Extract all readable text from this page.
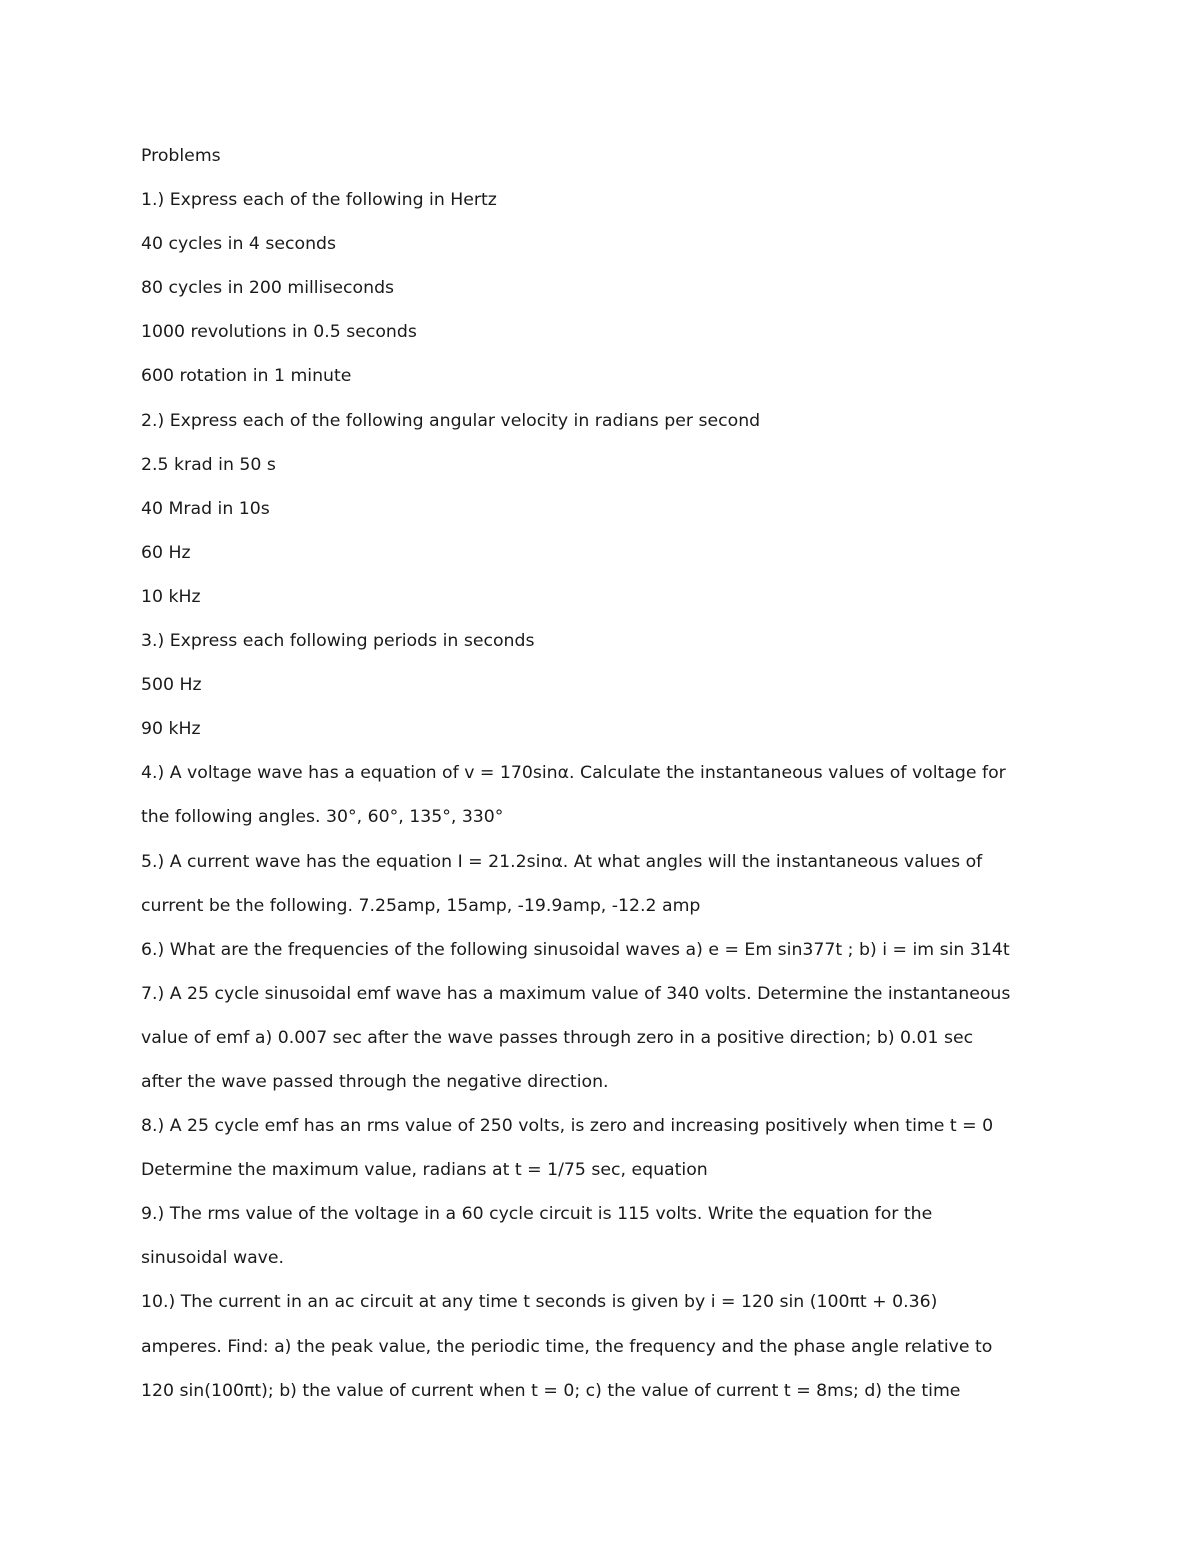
Problems
1.) Express each of the following in Hertz
40 cycles in 4 seconds
80 cycles in 200 milliseconds
1000 revolutions in 0.5 seconds
600 rotation in 1 minute
2.) Express each of the following angular velocity in radians per second
2.5 krad in 50 s
40 Mrad in 10s
60 Hz
10 kHz
3.) Express each following periods in seconds
500 Hz
90 kHz
4.) A voltage wave has a equation of v = 170sinα. Calculate the instantaneous values of voltage for
the following angles. 30°, 60°, 135°, 330°
5.) A current wave has the equation I = 21.2sinα. At what angles will the instantaneous values of
current be the following. 7.25amp, 15amp, -19.9amp, -12.2 amp
6.) What are the frequencies of the following sinusoidal waves a) e = Em sin377t ; b) i = im sin 314t
7.) A 25 cycle sinusoidal emf wave has a maximum value of 340 volts. Determine the instantaneous
value of emf a) 0.007 sec after the wave passes through zero in a positive direction; b) 0.01 sec
after the wave passed through the negative direction.
8.) A 25 cycle emf has an rms value of 250 volts, is zero and increasing positively when time t = 0
Determine the maximum value, radians at t = 1/75 sec, equation
9.) The rms value of the voltage in a 60 cycle circuit is 115 volts. Write the equation for the
sinusoidal wave.
10.) The current in an ac circuit at any time t seconds is given by i = 120 sin (100πt + 0.36)
amperes. Find: a) the peak value, the periodic time, the frequency and the phase angle relative to
120 sin(100πt); b) the value of current when t = 0; c) the value of current t = 8ms; d) the time
